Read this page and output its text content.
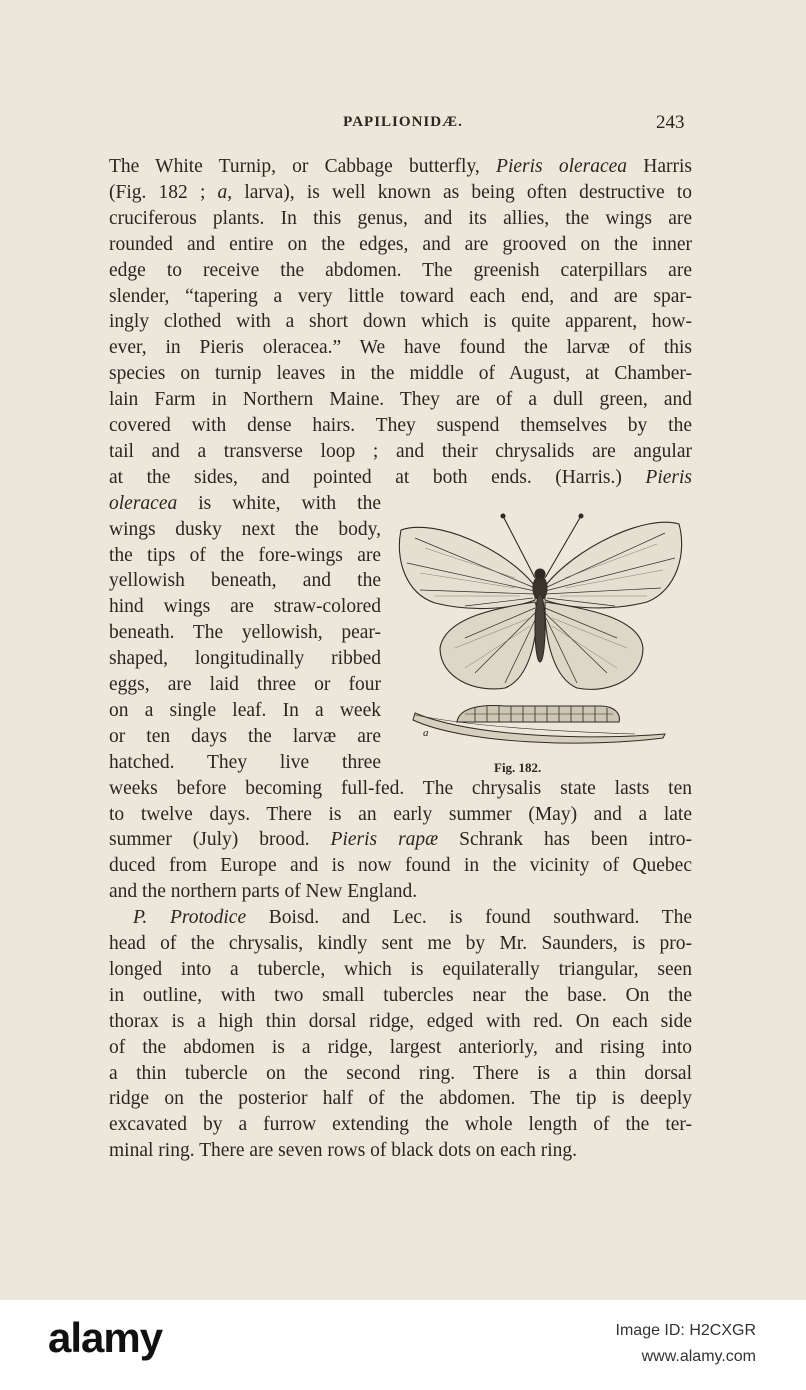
PAPILIONIDÆ.	243
The White Turnip, or Cabbage butterfly, Pieris oleracea Harris
(Fig. 182 ; a, larva), is well known as being often destructive to
cruciferous plants. In this genus, and its allies, the wings are
rounded and entire on the edges, and are grooved on the inner
edge to receive the abdomen. The greenish caterpillars are
slender, “tapering a very little toward each end, and are spar-
ingly clothed with a short down which is quite apparent, how-
ever, in Pieris oleracea.” We have found the larvæ of this
species on turnip leaves in the middle of August, at Chamber-
lain Farm in Northern Maine. They are of a dull green, and
covered with dense hairs. They suspend themselves by the
tail and a transverse loop ; and their chrysalids are angular
at the sides, and pointed at both ends. (Harris.) Pieris
oleracea is white, with the
wings dusky next the body,
the tips of the fore-wings are
yellowish beneath, and the
hind wings are straw-colored
beneath. The yellowish, pear-
shaped, longitudinally ribbed
eggs, are laid three or four
on a single leaf. In a week
or ten days the larvæ are
hatched. They live three
weeks before becoming full-fed. The chrysalis state lasts ten
to twelve days. There is an early summer (May) and a late
summer (July) brood. Pieris rapæ Schrank has been intro-
duced from Europe and is now found in the vicinity of Quebec
and the northern parts of New England.
P. Protodice Boisd. and Lec. is found southward. The
head of the chrysalis, kindly sent me by Mr. Saunders, is pro-
longed into a tubercle, which is equilaterally triangular, seen
in outline, with two small tubercles near the base. On the
thorax is a high thin dorsal ridge, edged with red. On each side
of the abdomen is a ridge, largest anteriorly, and rising into
a thin tubercle on the second ring. There is a thin dorsal
ridge on the posterior half of the abdomen. The tip is deeply
excavated by a furrow extending the whole length of the ter-
minal ring. There are seven rows of black dots on each ring.
a
Fig. 182.
alamy	Image ID: H2CXGR
www.alamy.com
